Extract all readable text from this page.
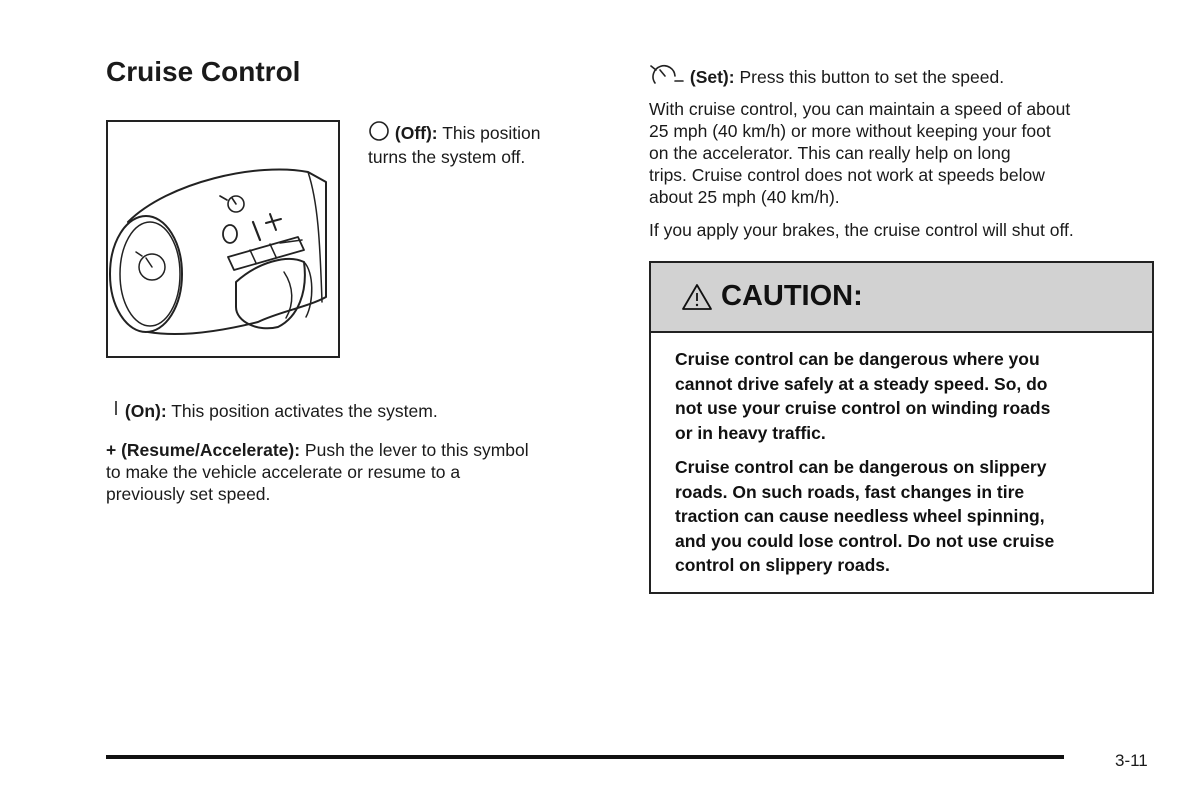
Cruise Control
(Off): This position
turns the system off.
(On): This position activates the system.
+ (Resume/Accelerate): Push the lever to this symbol
to make the vehicle accelerate or resume to a
previously set speed.
(Set): Press this button to set the speed.
With cruise control, you can maintain a speed of about
25 mph (40 km/h) or more without keeping your foot
on the accelerator. This can really help on long
trips. Cruise control does not work at speeds below
about 25 mph (40 km/h).
If you apply your brakes, the cruise control will shut off.
CAUTION:

Cruise control can be dangerous where you
cannot drive safely at a steady speed. So, do
not use your cruise control on winding roads
or in heavy traffic.

Cruise control can be dangerous on slippery
roads. On such roads, fast changes in tire
traction can cause needless wheel spinning,
and you could lose control. Do not use cruise
control on slippery roads.

3-11
